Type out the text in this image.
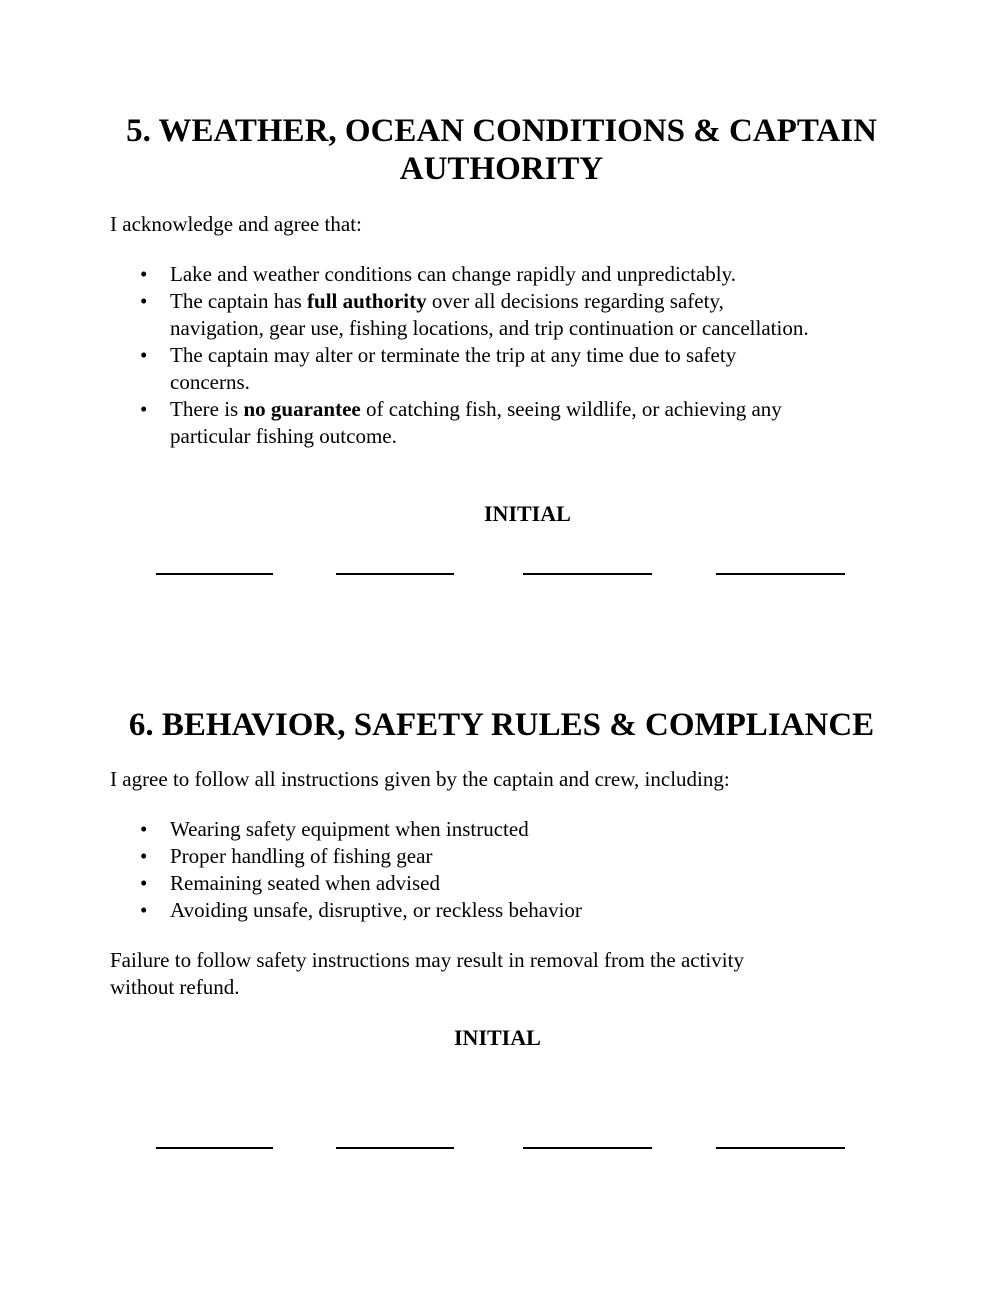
5. WEATHER, OCEAN CONDITIONS & CAPTAIN
AUTHORITY

I acknowledge and agree that:

• Lake and weather conditions can change rapidly and unpredictably.
• The captain has full authority over all decisions regarding safety,
navigation, gear use, fishing locations, and trip continuation or cancellation.
• The captain may alter or terminate the trip at any time due to safety
concerns.
• There is no guarantee of catching fish, seeing wildlife, or achieving any
particular fishing outcome.

INITIAL

6. BEHAVIOR, SAFETY RULES & COMPLIANCE

I agree to follow all instructions given by the captain and crew, including:

• Wearing safety equipment when instructed
• Proper handling of fishing gear
• Remaining seated when advised
• Avoiding unsafe, disruptive, or reckless behavior

Failure to follow safety instructions may result in removal from the activity
without refund.

INITIAL
